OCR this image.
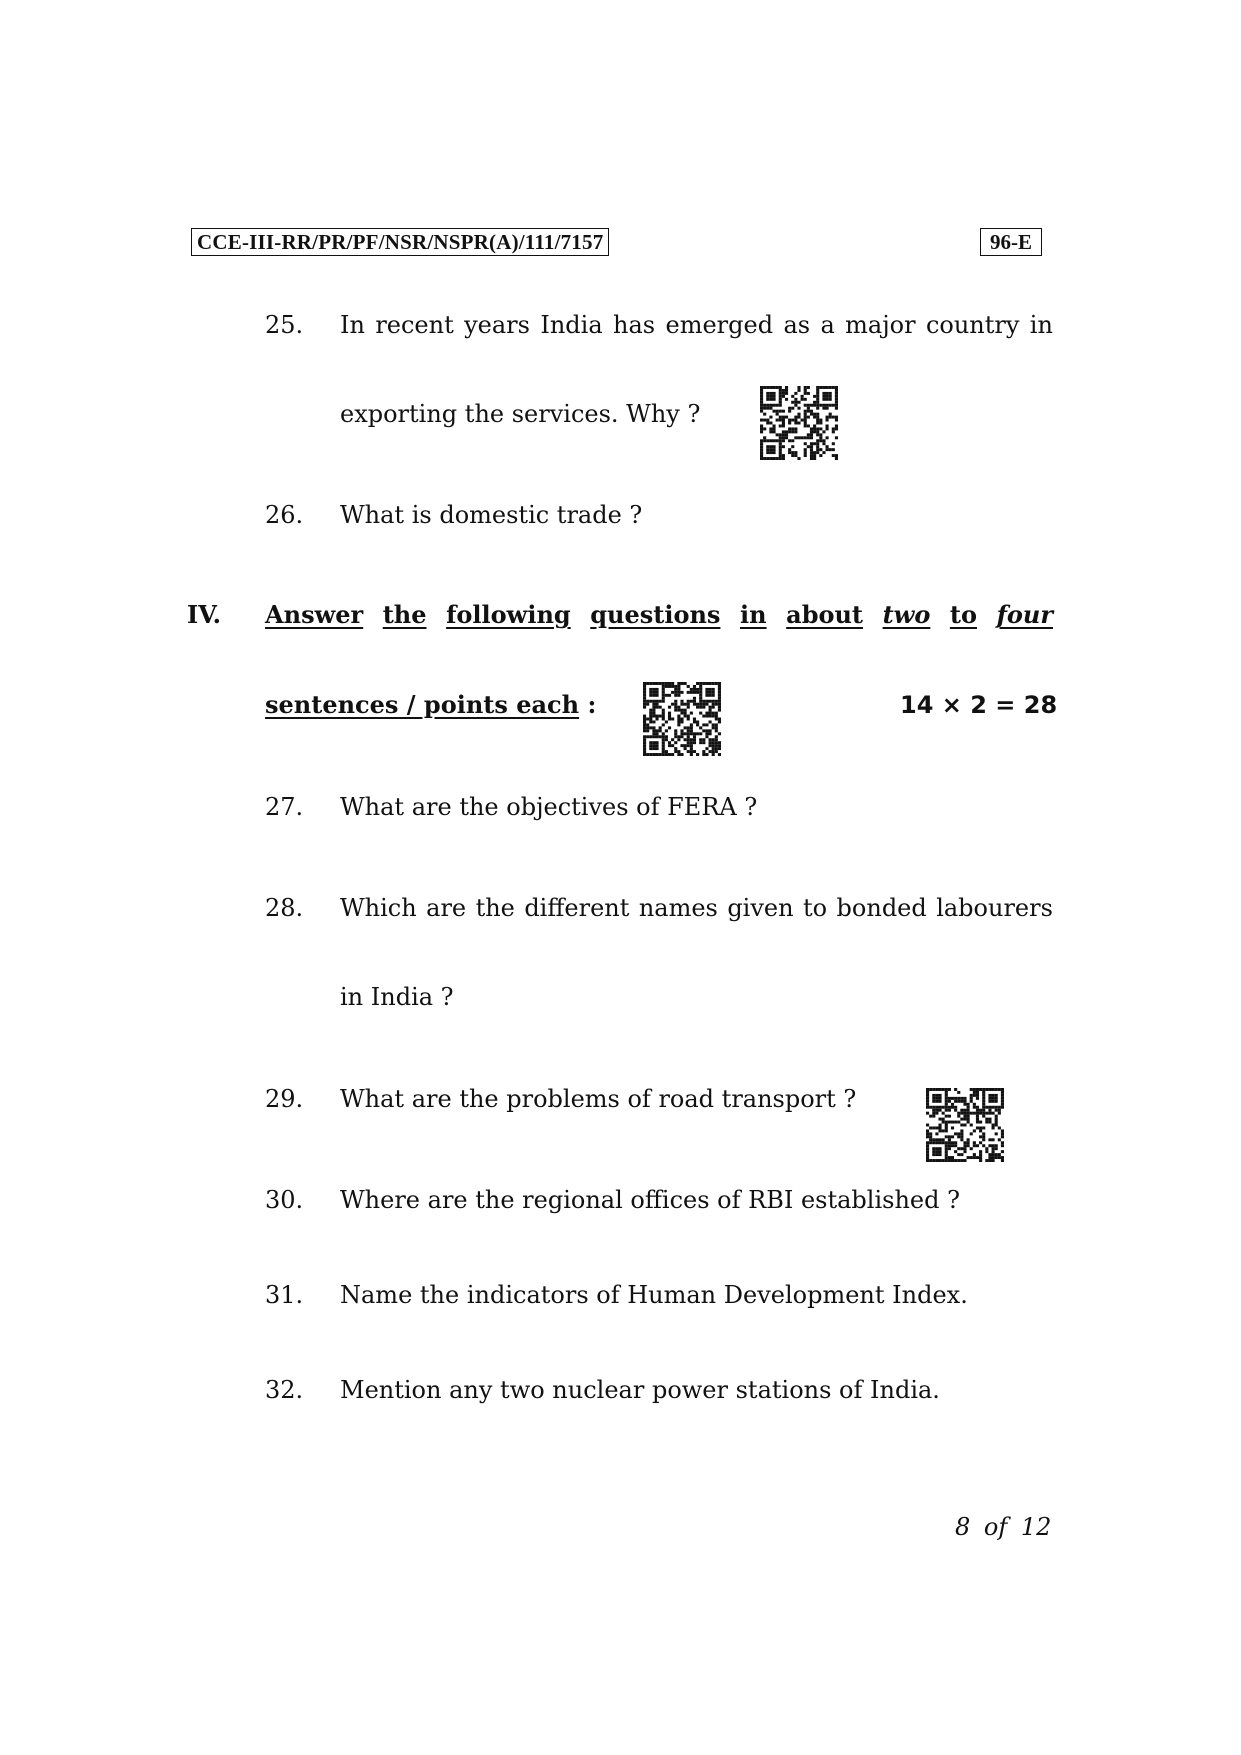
CCE-III-RR/PR/PF/NSR/NSPR(A)/111/7157	96-E
25. In recent years India has emerged as a major country in
exporting the services. Why ?
26. What is domestic trade ?
IV. Answer the following questions in about two to four
sentences / points each :	14 × 2 = 28
27. What are the objectives of FERA ?
28. Which are the different names given to bonded labourers
in India ?
29. What are the problems of road transport ?
30. Where are the regional offices of RBI established ?
31. Name the indicators of Human Development Index.
32. Mention any two nuclear power stations of India.
8 of 12
